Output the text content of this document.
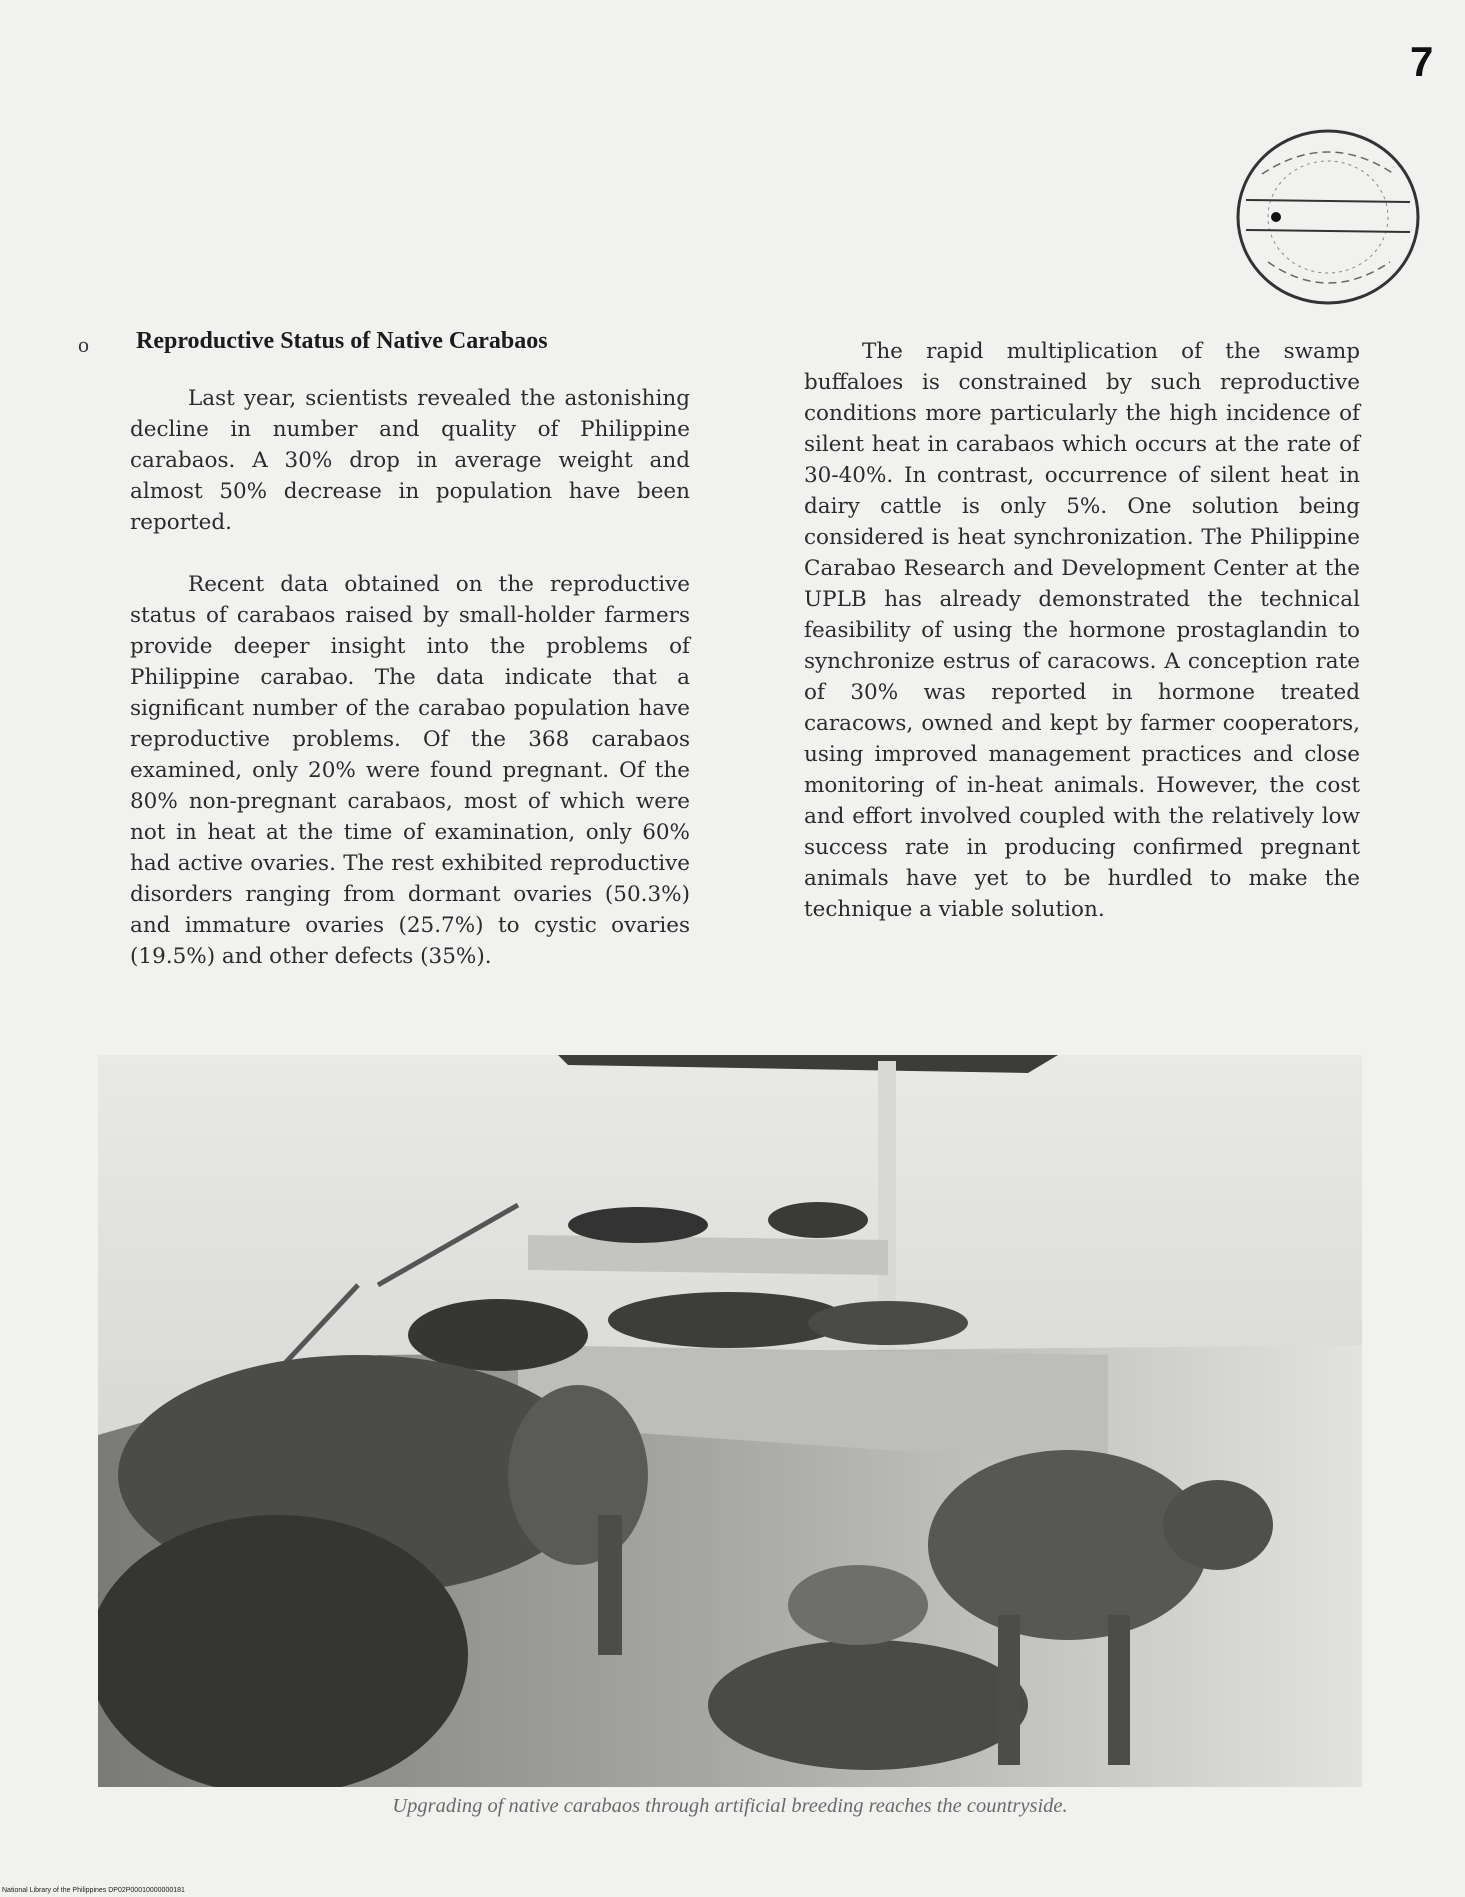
7
o Reproductive Status of Native Carabaos

Last year, scientists revealed the astonishing decline in number and quality of Philippine carabaos. A 30% drop in average weight and almost 50% decrease in population have been reported.

Recent data obtained on the reproductive status of carabaos raised by small-holder farmers provide deeper insight into the problems of Philippine carabao. The data indicate that a significant number of the carabao population have reproductive problems. Of the 368 carabaos examined, only 20% were found pregnant. Of the 80% non-pregnant carabaos, most of which were not in heat at the time of examination, only 60% had active ovaries. The rest exhibited reproductive disorders ranging from dormant ovaries (50.3%) and immature ovaries (25.7%) to cystic ovaries (19.5%) and other defects (35%).

The rapid multiplication of the swamp buffaloes is constrained by such reproductive conditions more particularly the high incidence of silent heat in carabaos which occurs at the rate of 30-40%. In contrast, occurrence of silent heat in dairy cattle is only 5%. One solution being considered is heat synchronization. The Philippine Carabao Research and Development Center at the UPLB has already demonstrated the technical feasibility of using the hormone prostaglandin to synchronize estrus of caracows. A conception rate of 30% was reported in hormone treated caracows, owned and kept by farmer cooperators, using improved management practices and close monitoring of in-heat animals. However, the cost and effort involved coupled with the relatively low success rate in producing confirmed pregnant animals have yet to be hurdled to make the technique a viable solution.

Upgrading of native carabaos through artificial breeding reaches the countryside.

National Library of the Philippines DP02P00010000000181
